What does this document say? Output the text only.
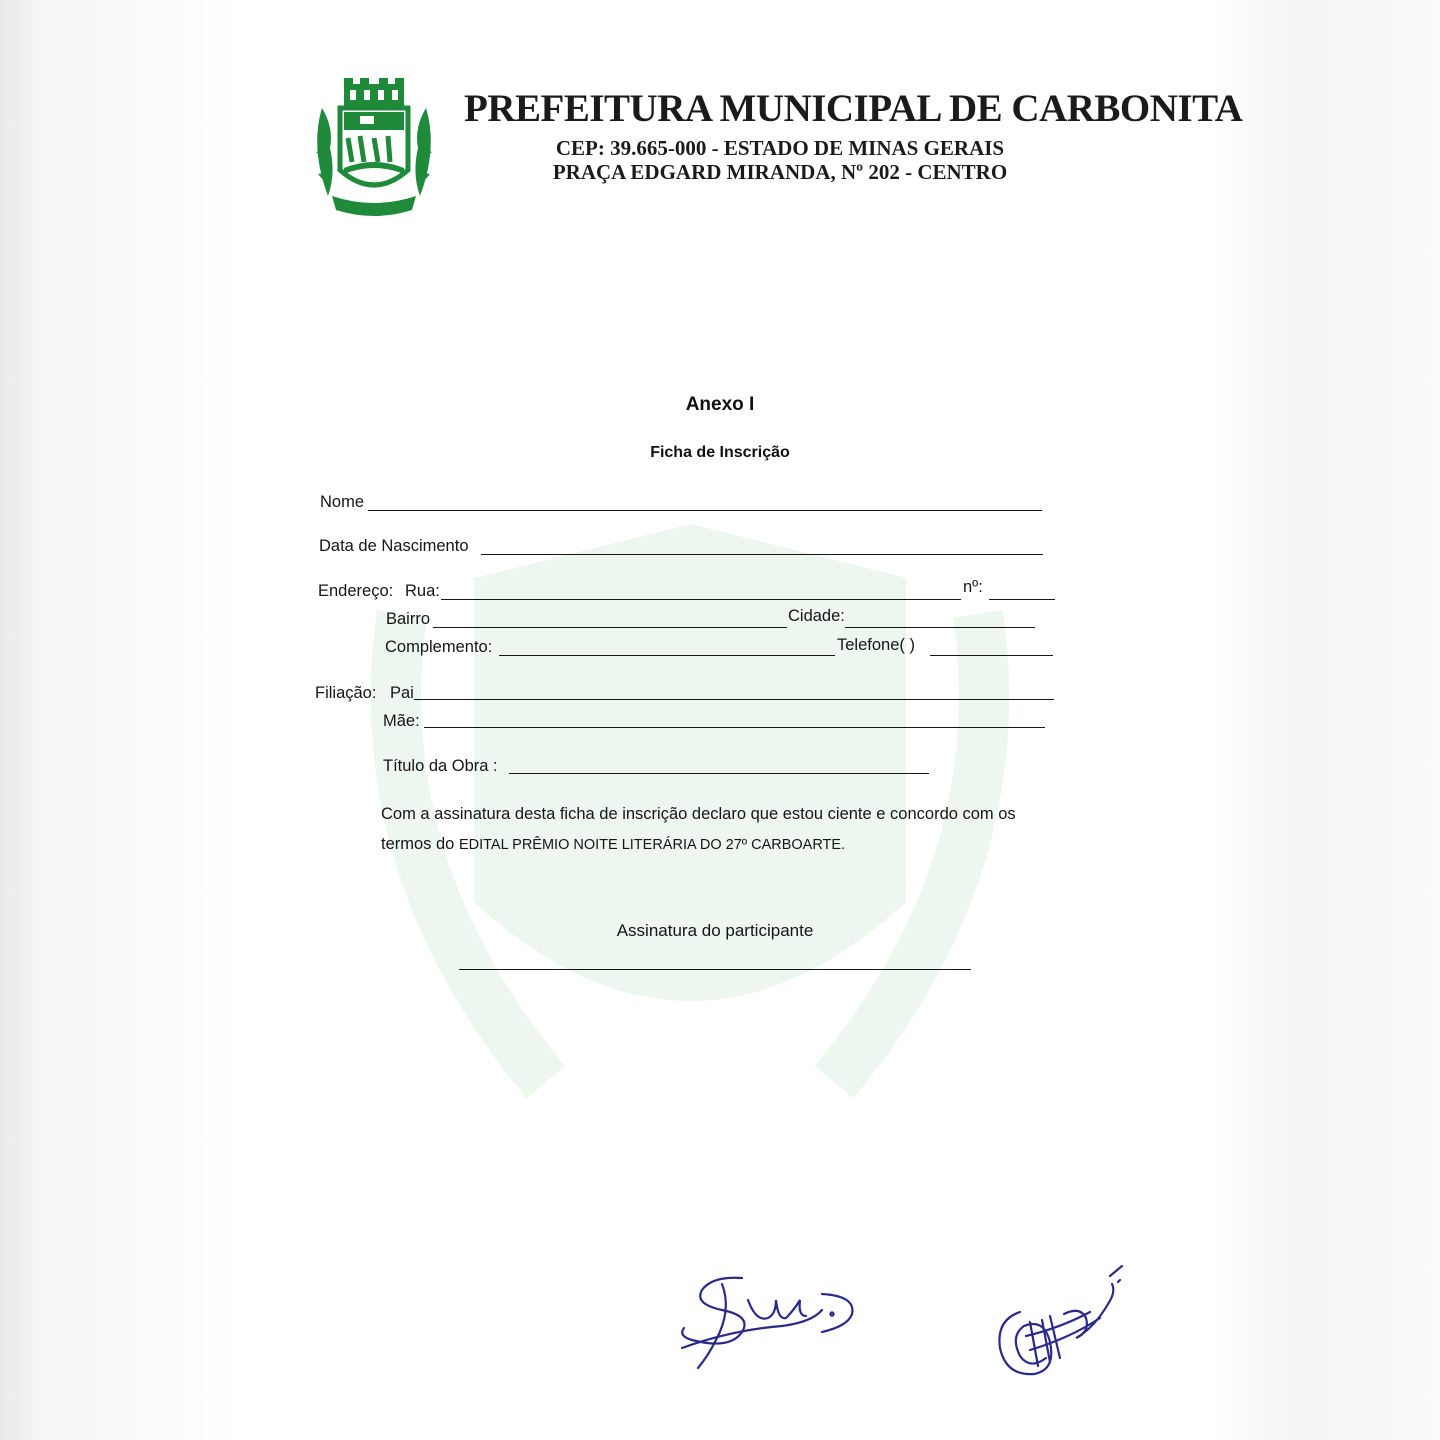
PREFEITURA MUNICIPAL DE CARBONITA
CEP: 39.665-000 - ESTADO DE MINAS GERAIS
PRAÇA EDGARD MIRANDA, Nº 202 - CENTRO
Anexo I
Ficha de Inscrição
Nome
Data de Nascimento
Endereço: Rua:	nº:
Bairro	Cidade:
Complemento:	Telefone( )
Filiação: Pai
Mãe:
Título da Obra :
Com a assinatura desta ficha de inscrição declaro que estou ciente e concordo com os
termos do EDITAL PRÊMIO NOITE LITERÁRIA DO 27º CARBOARTE.
Assinatura do participante
